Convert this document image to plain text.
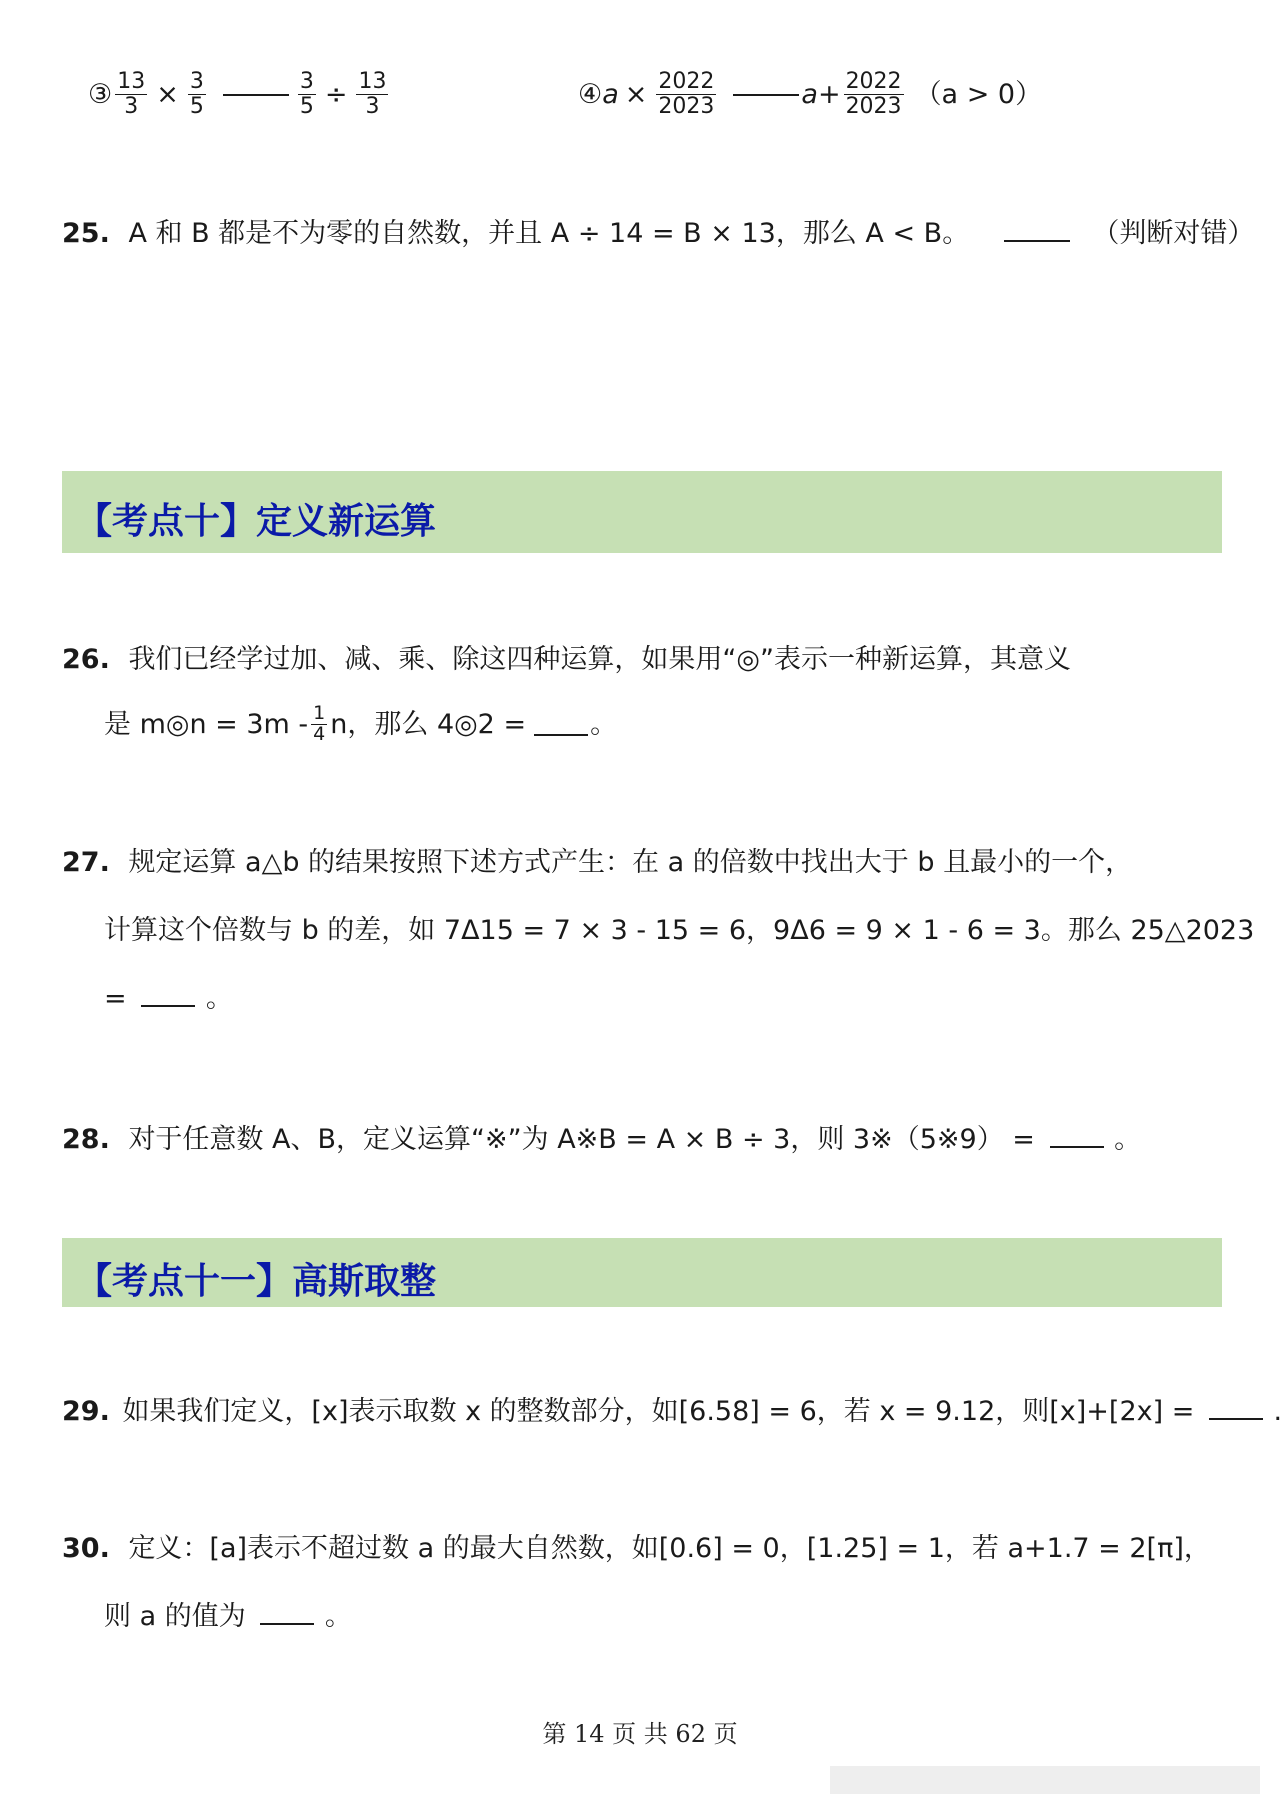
③ $\frac{13}{3} \times \frac{3}{5}$	$\frac{3}{5} \div \frac{13}{3}$	④ $a \times \frac{2022}{2023}$	$a + \frac{2022}{2023} (a > 0)$
25. A 和 B 都是不为零的自然数，并且 A ÷ 14 = B × 13，那么 A < B。	（判断对错）
【考点十】定义新运算
26. 我们已经学过加、减、乘、除这四种运算，如果用“◎”表示一种新运算，其意义
是 m◎n = $3m - \frac{1}{4}$ n，那么 4◎2 = 。
27. 规定运算 a△b 的结果按照下述方式产生：在 a 的倍数中找出大于 b 且最小的一个，
计算这个倍数与 b 的差，如 7Δ15 = 7 × 3 - 15 = 6，9Δ6 = 9 × 1 - 6 = 3。那么 25△2023
=	。
28. 对于任意数 A、B，定义运算“※”为 A※B = A × B ÷ 3，则 3※（5※9） =	。
【考点十一】高斯取整
29. 如果我们定义，[x]表示取数 x 的整数部分，如[6.58] = 6，若 x = 9.12，则[x]+[2x] =	.
30. 定义：[a]表示不超过数 a 的最大自然数，如[0.6] = 0，[1.25] = 1，若 a+1.7 = 2[π]，
则 a 的值为	。
第 14 页 共 62 页
